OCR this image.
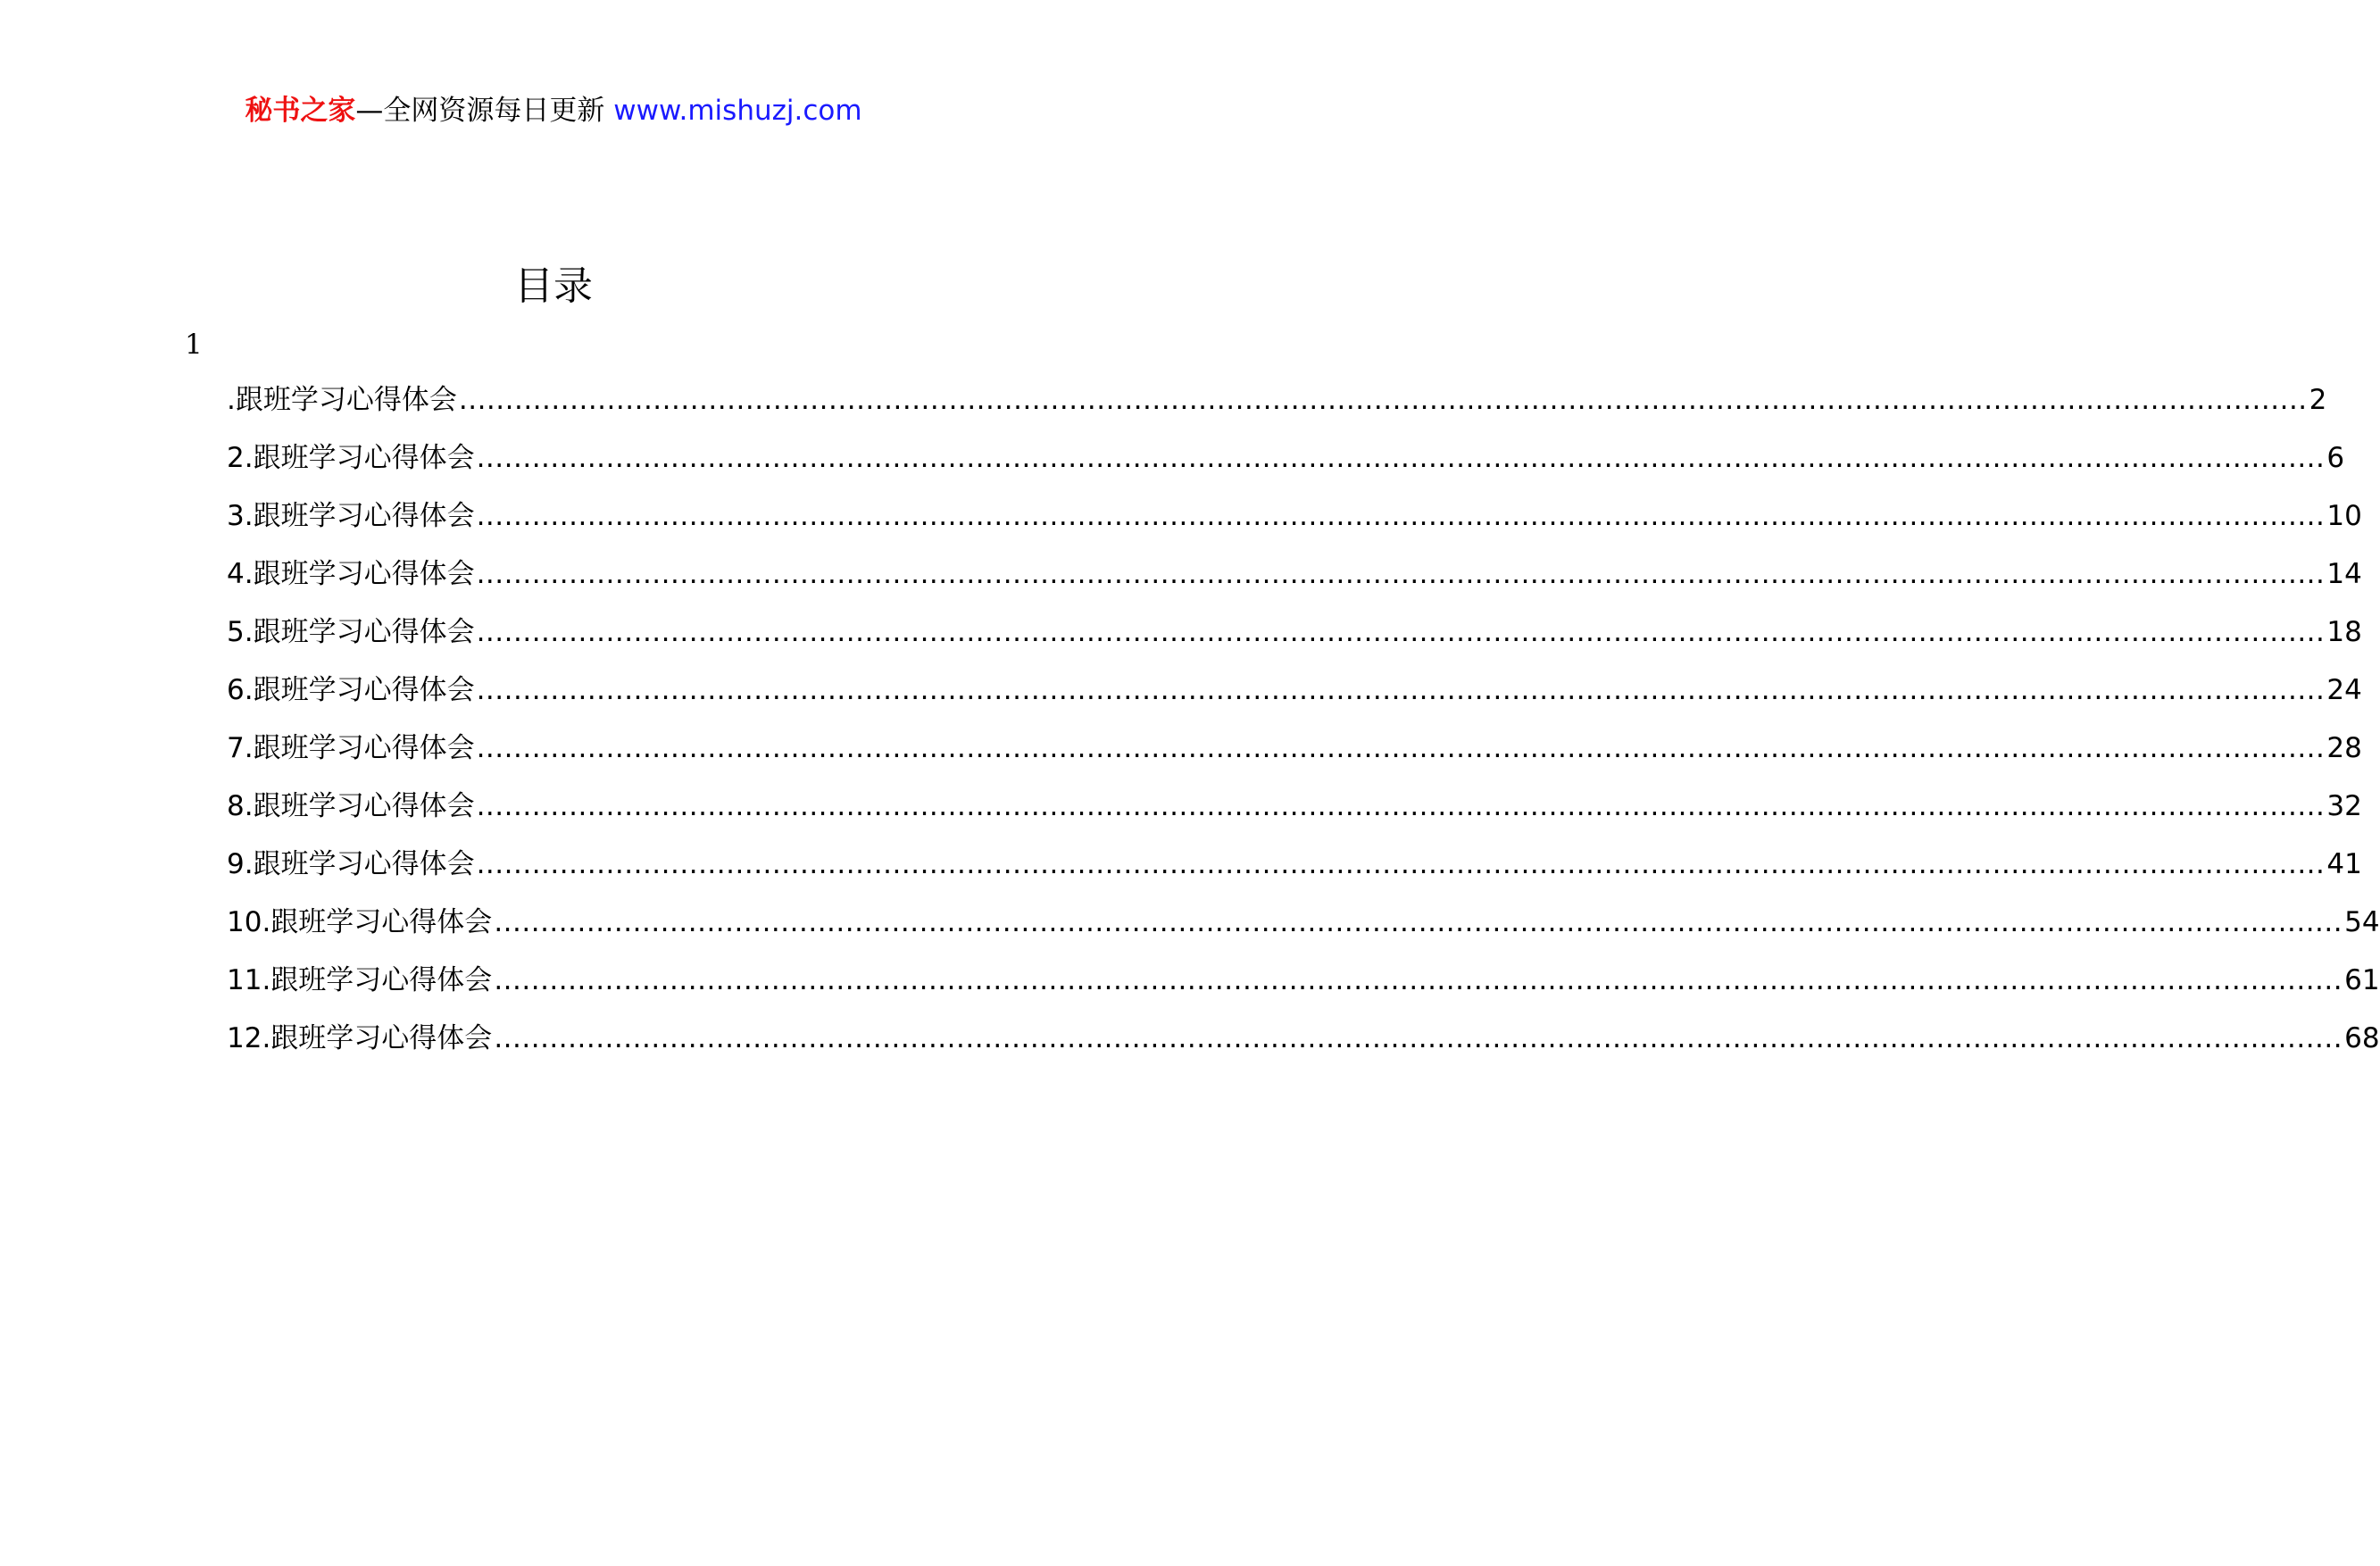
秘书之家—全网资源每日更新 www.mishuzj.com
目录
1
.跟班学习心得体会 ........................................................................................................................................................................................................ 2
2.跟班学习心得体会 ........................................................................................................................................................................................................ 6
3.跟班学习心得体会 ........................................................................................................................................................................................................ 10
4.跟班学习心得体会 ........................................................................................................................................................................................................ 14
5.跟班学习心得体会 ........................................................................................................................................................................................................ 18
6.跟班学习心得体会 ........................................................................................................................................................................................................ 24
7.跟班学习心得体会 ........................................................................................................................................................................................................ 28
8.跟班学习心得体会 ........................................................................................................................................................................................................ 32
9.跟班学习心得体会 ........................................................................................................................................................................................................ 41
10.跟班学习心得体会 ........................................................................................................................................................................................................ 54
11.跟班学习心得体会 ........................................................................................................................................................................................................ 61
12.跟班学习心得体会 ........................................................................................................................................................................................................ 68
